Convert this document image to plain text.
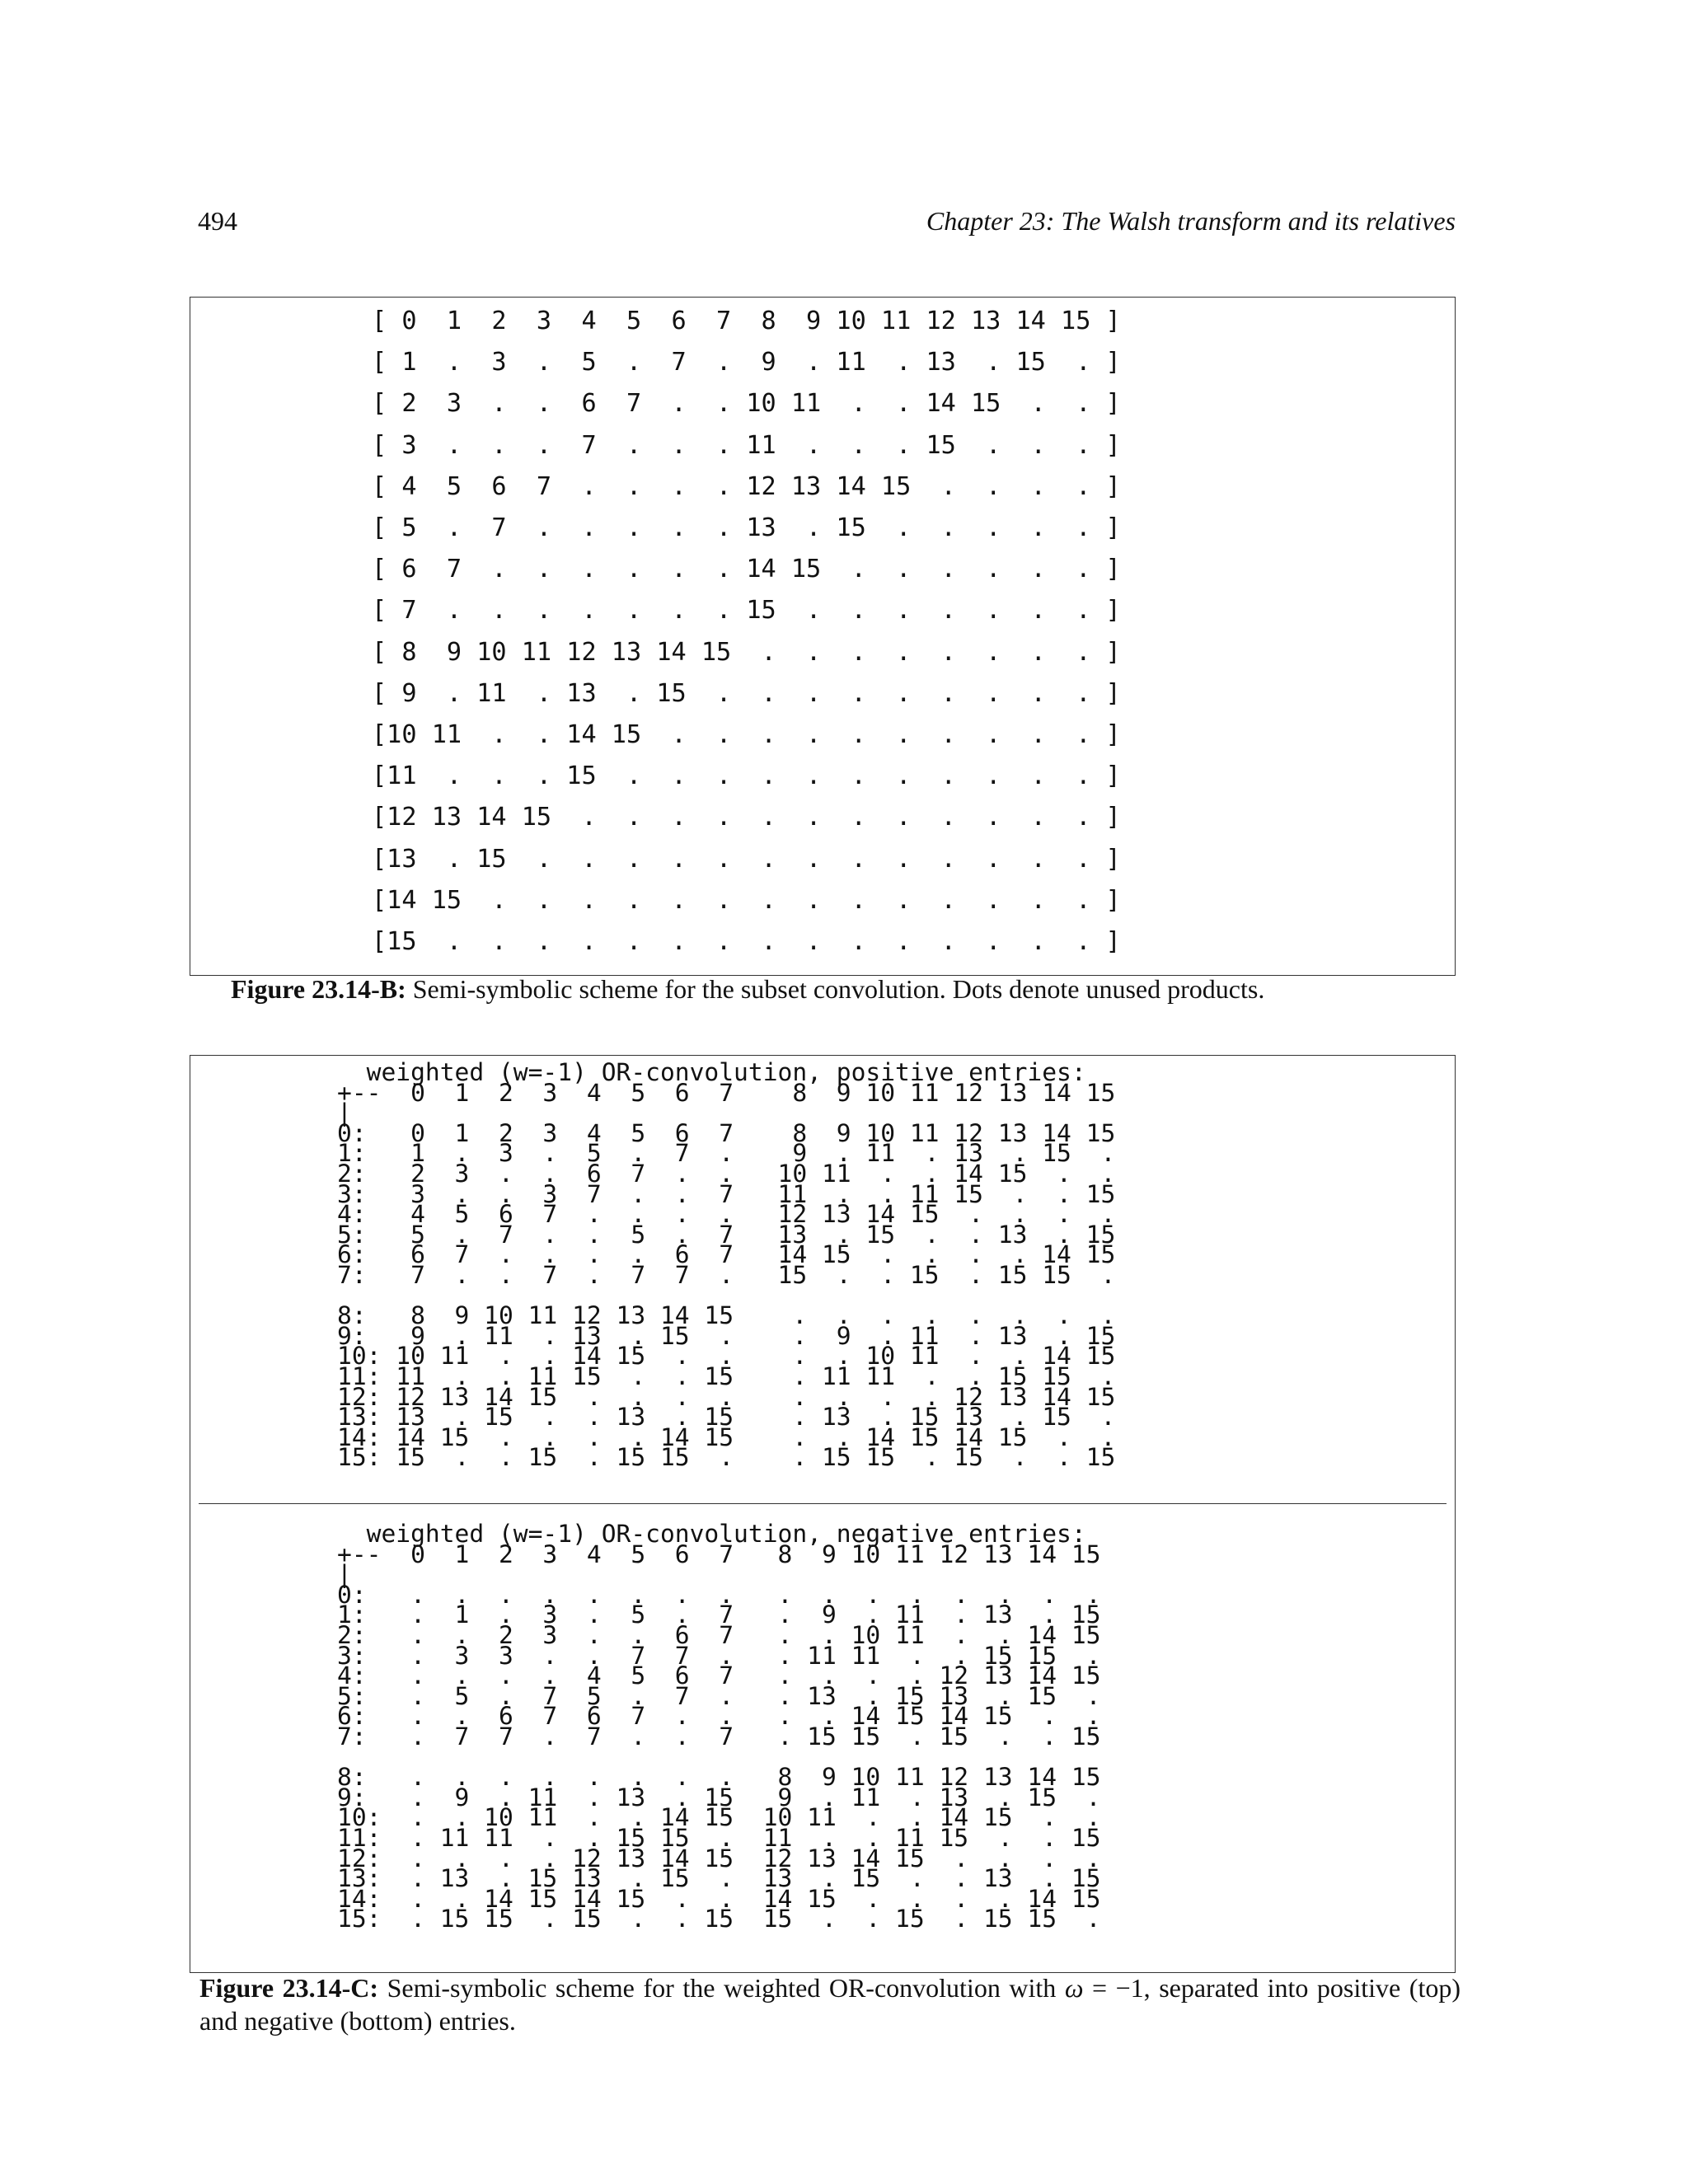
494	Chapter 23: The Walsh transform and its relatives
[ 0  1  2  3  4  5  6  7  8  9 10 11 12 13 14 15 ]
[ 1  .  3  .  5  .  7  .  9  . 11  . 13  . 15  . ]
[ 2  3  .  .  6  7  .  . 10 11  .  . 14 15  .  . ]
[ 3  .  .  .  7  .  .  . 11  .  .  . 15  .  .  . ]
[ 4  5  6  7  .  .  .  . 12 13 14 15  .  .  .  . ]
[ 5  .  7  .  .  .  .  . 13  . 15  .  .  .  .  . ]
[ 6  7  .  .  .  .  .  . 14 15  .  .  .  .  .  . ]
[ 7  .  .  .  .  .  .  . 15  .  .  .  .  .  .  . ]
[ 8  9 10 11 12 13 14 15  .  .  .  .  .  .  .  . ]
[ 9  . 11  . 13  . 15  .  .  .  .  .  .  .  .  . ]
[10 11  .  . 14 15  .  .  .  .  .  .  .  .  .  . ]
[11  .  .  . 15  .  .  .  .  .  .  .  .  .  .  . ]
[12 13 14 15  .  .  .  .  .  .  .  .  .  .  .  . ]
[13  . 15  .  .  .  .  .  .  .  .  .  .  .  .  . ]
[14 15  .  .  .  .  .  .  .  .  .  .  .  .  .  . ]
[15  .  .  .  .  .  .  .  .  .  .  .  .  .  .  . ]
Figure 23.14-B: Semi-symbolic scheme for the subset convolution. Dots denote unused products.
weighted (w=-1) OR-convolution, positive entries:
+--  0  1  2  3  4  5  6  7    8  9 10 11 12 13 14 15
|
0:   0  1  2  3  4  5  6  7    8  9 10 11 12 13 14 15
1:   1  .  3  .  5  .  7  .    9  . 11  . 13  . 15  .
2:   2  3  .  .  6  7  .  .   10 11  .  . 14 15  .  .
3:   3  .  .  3  7  .  .  7   11  .  . 11 15  .  . 15
4:   4  5  6  7  .  .  .  .   12 13 14 15  .  .  .  .
5:   5  .  7  .  .  5  .  7   13  . 15  .  . 13  . 15
6:   6  7  .  .  .  .  6  7   14 15  .  .  .  . 14 15
7:   7  .  .  7  .  7  7  .   15  .  . 15  . 15 15  .

8:   8  9 10 11 12 13 14 15    .  .  .  .  .  .  .  .
9:   9  . 11  . 13  . 15  .    .  9  . 11  . 13  . 15
10: 10 11  .  . 14 15  .  .    .  . 10 11  .  . 14 15
11: 11  .  . 11 15  .  . 15    . 11 11  .  . 15 15  .
12: 12 13 14 15  .  .  .  .    .  .  .  . 12 13 14 15
13: 13  . 15  .  . 13  . 15    . 13  . 15 13  . 15  .
14: 14 15  .  .  .  . 14 15    .  . 14 15 14 15  .  .
15: 15  .  . 15  . 15 15  .    . 15 15  . 15  .  . 15
weighted (w=-1) OR-convolution, negative entries:
+--  0  1  2  3  4  5  6  7   8  9 10 11 12 13 14 15
|
0:   .  .  .  .  .  .  .  .   .  .  .  .  .  .  .  .
1:   .  1  .  3  .  5  .  7   .  9  . 11  . 13  . 15
2:   .  .  2  3  .  .  6  7   .  . 10 11  .  . 14 15
3:   .  3  3  .  .  7  7  .   . 11 11  .  . 15 15  .
4:   .  .  .  .  4  5  6  7   .  .  .  . 12 13 14 15
5:   .  5  .  7  5  .  7  .   . 13  . 15 13  . 15  .
6:   .  .  6  7  6  7  .  .   .  . 14 15 14 15  .  .
7:   .  7  7  .  7  .  .  7   . 15 15  . 15  .  . 15

8:   .  .  .  .  .  .  .  .   8  9 10 11 12 13 14 15
9:   .  9  . 11  . 13  . 15   9  . 11  . 13  . 15  .
10:  .  . 10 11  .  . 14 15  10 11  .  . 14 15  .  .
11:  . 11 11  .  . 15 15  .  11  .  . 11 15  .  . 15
12:  .  .  .  . 12 13 14 15  12 13 14 15  .  .  .  .
13:  . 13  . 15 13  . 15  .  13  . 15  .  . 13  . 15
14:  .  . 14 15 14 15  .  .  14 15  .  .  .  . 14 15
15:  . 15 15  . 15  .  . 15  15  .  . 15  . 15 15  .
Figure 23.14-C: Semi-symbolic scheme for the weighted OR-convolution with ω = −1, separated into positive (top) and negative (bottom) entries.
